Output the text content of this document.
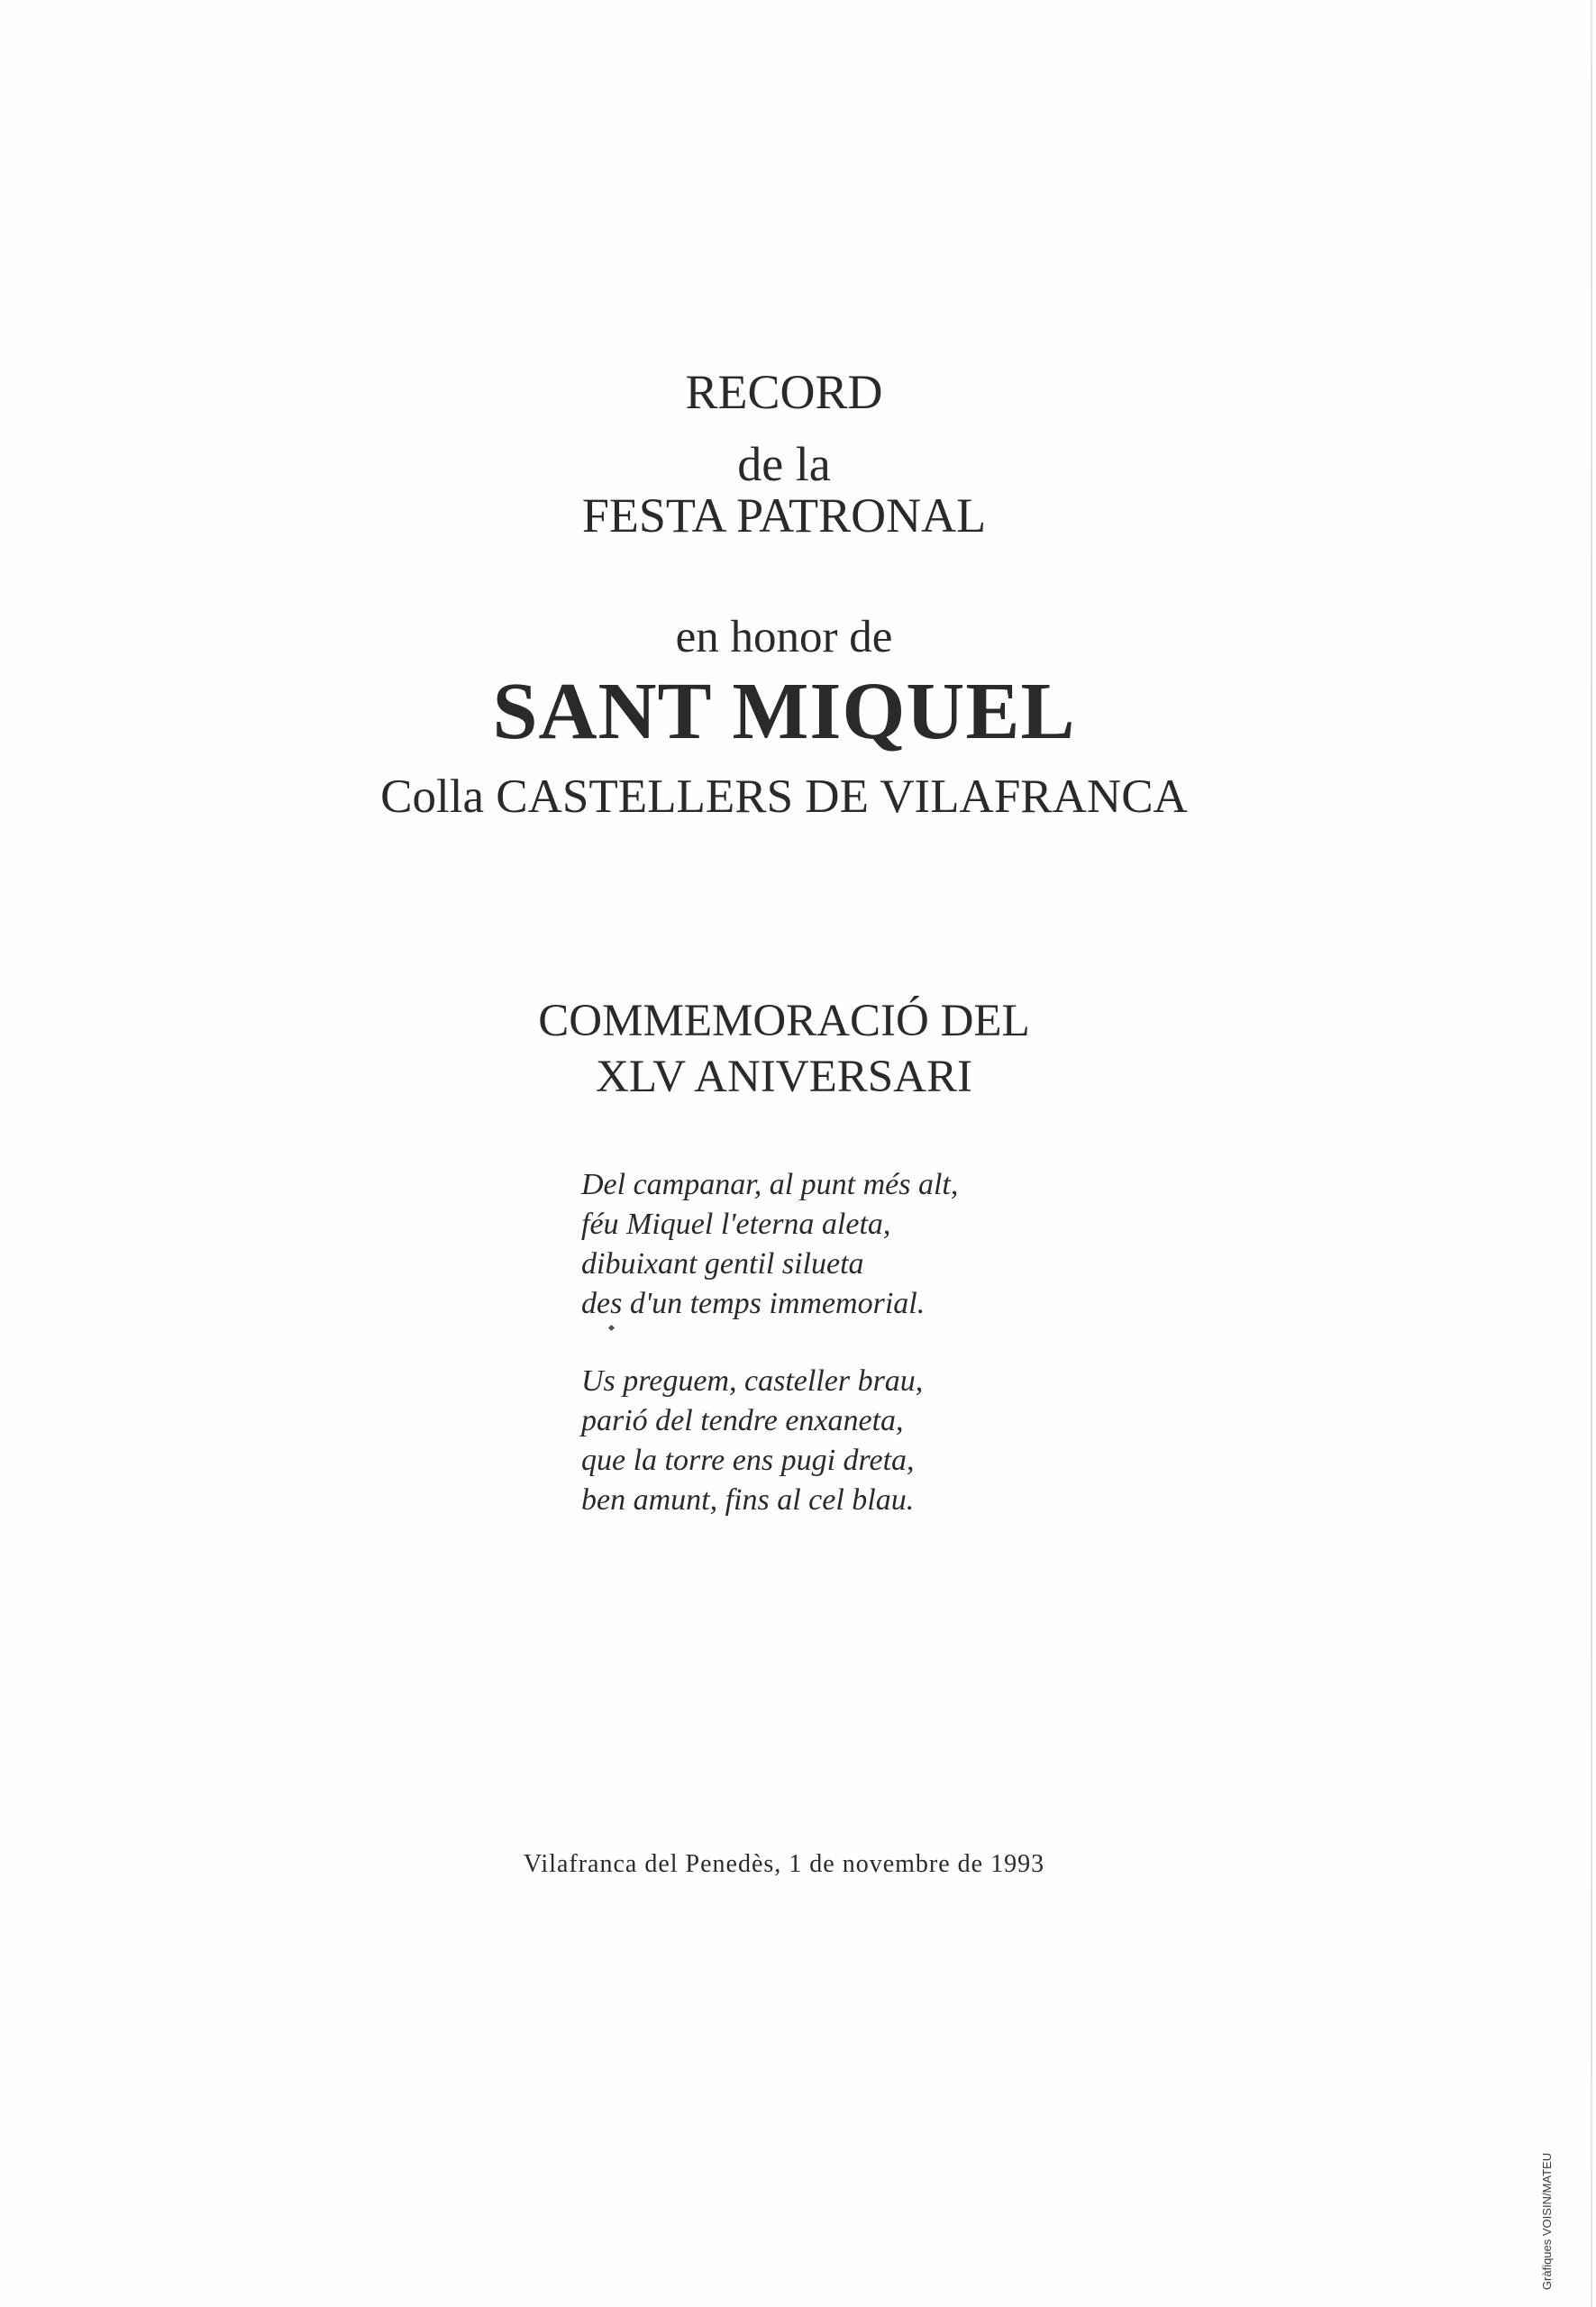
RECORD
de la
FESTA PATRONAL
en honor de
SANT MIQUEL
Colla CASTELLERS DE VILAFRANCA
COMMEMORACIÓ DEL
XLV ANIVERSARI
Del campanar, al punt més alt,
féu Miquel l'eterna aleta,
dibuixant gentil silueta
des d'un temps immemorial.
Us preguem, casteller brau,
parió del tendre enxaneta,
que la torre ens pugi dreta,
ben amunt, fins al cel blau.
Vilafranca del Penedès, 1 de novembre de 1993
Gràfiques VOISIN/MATEU
